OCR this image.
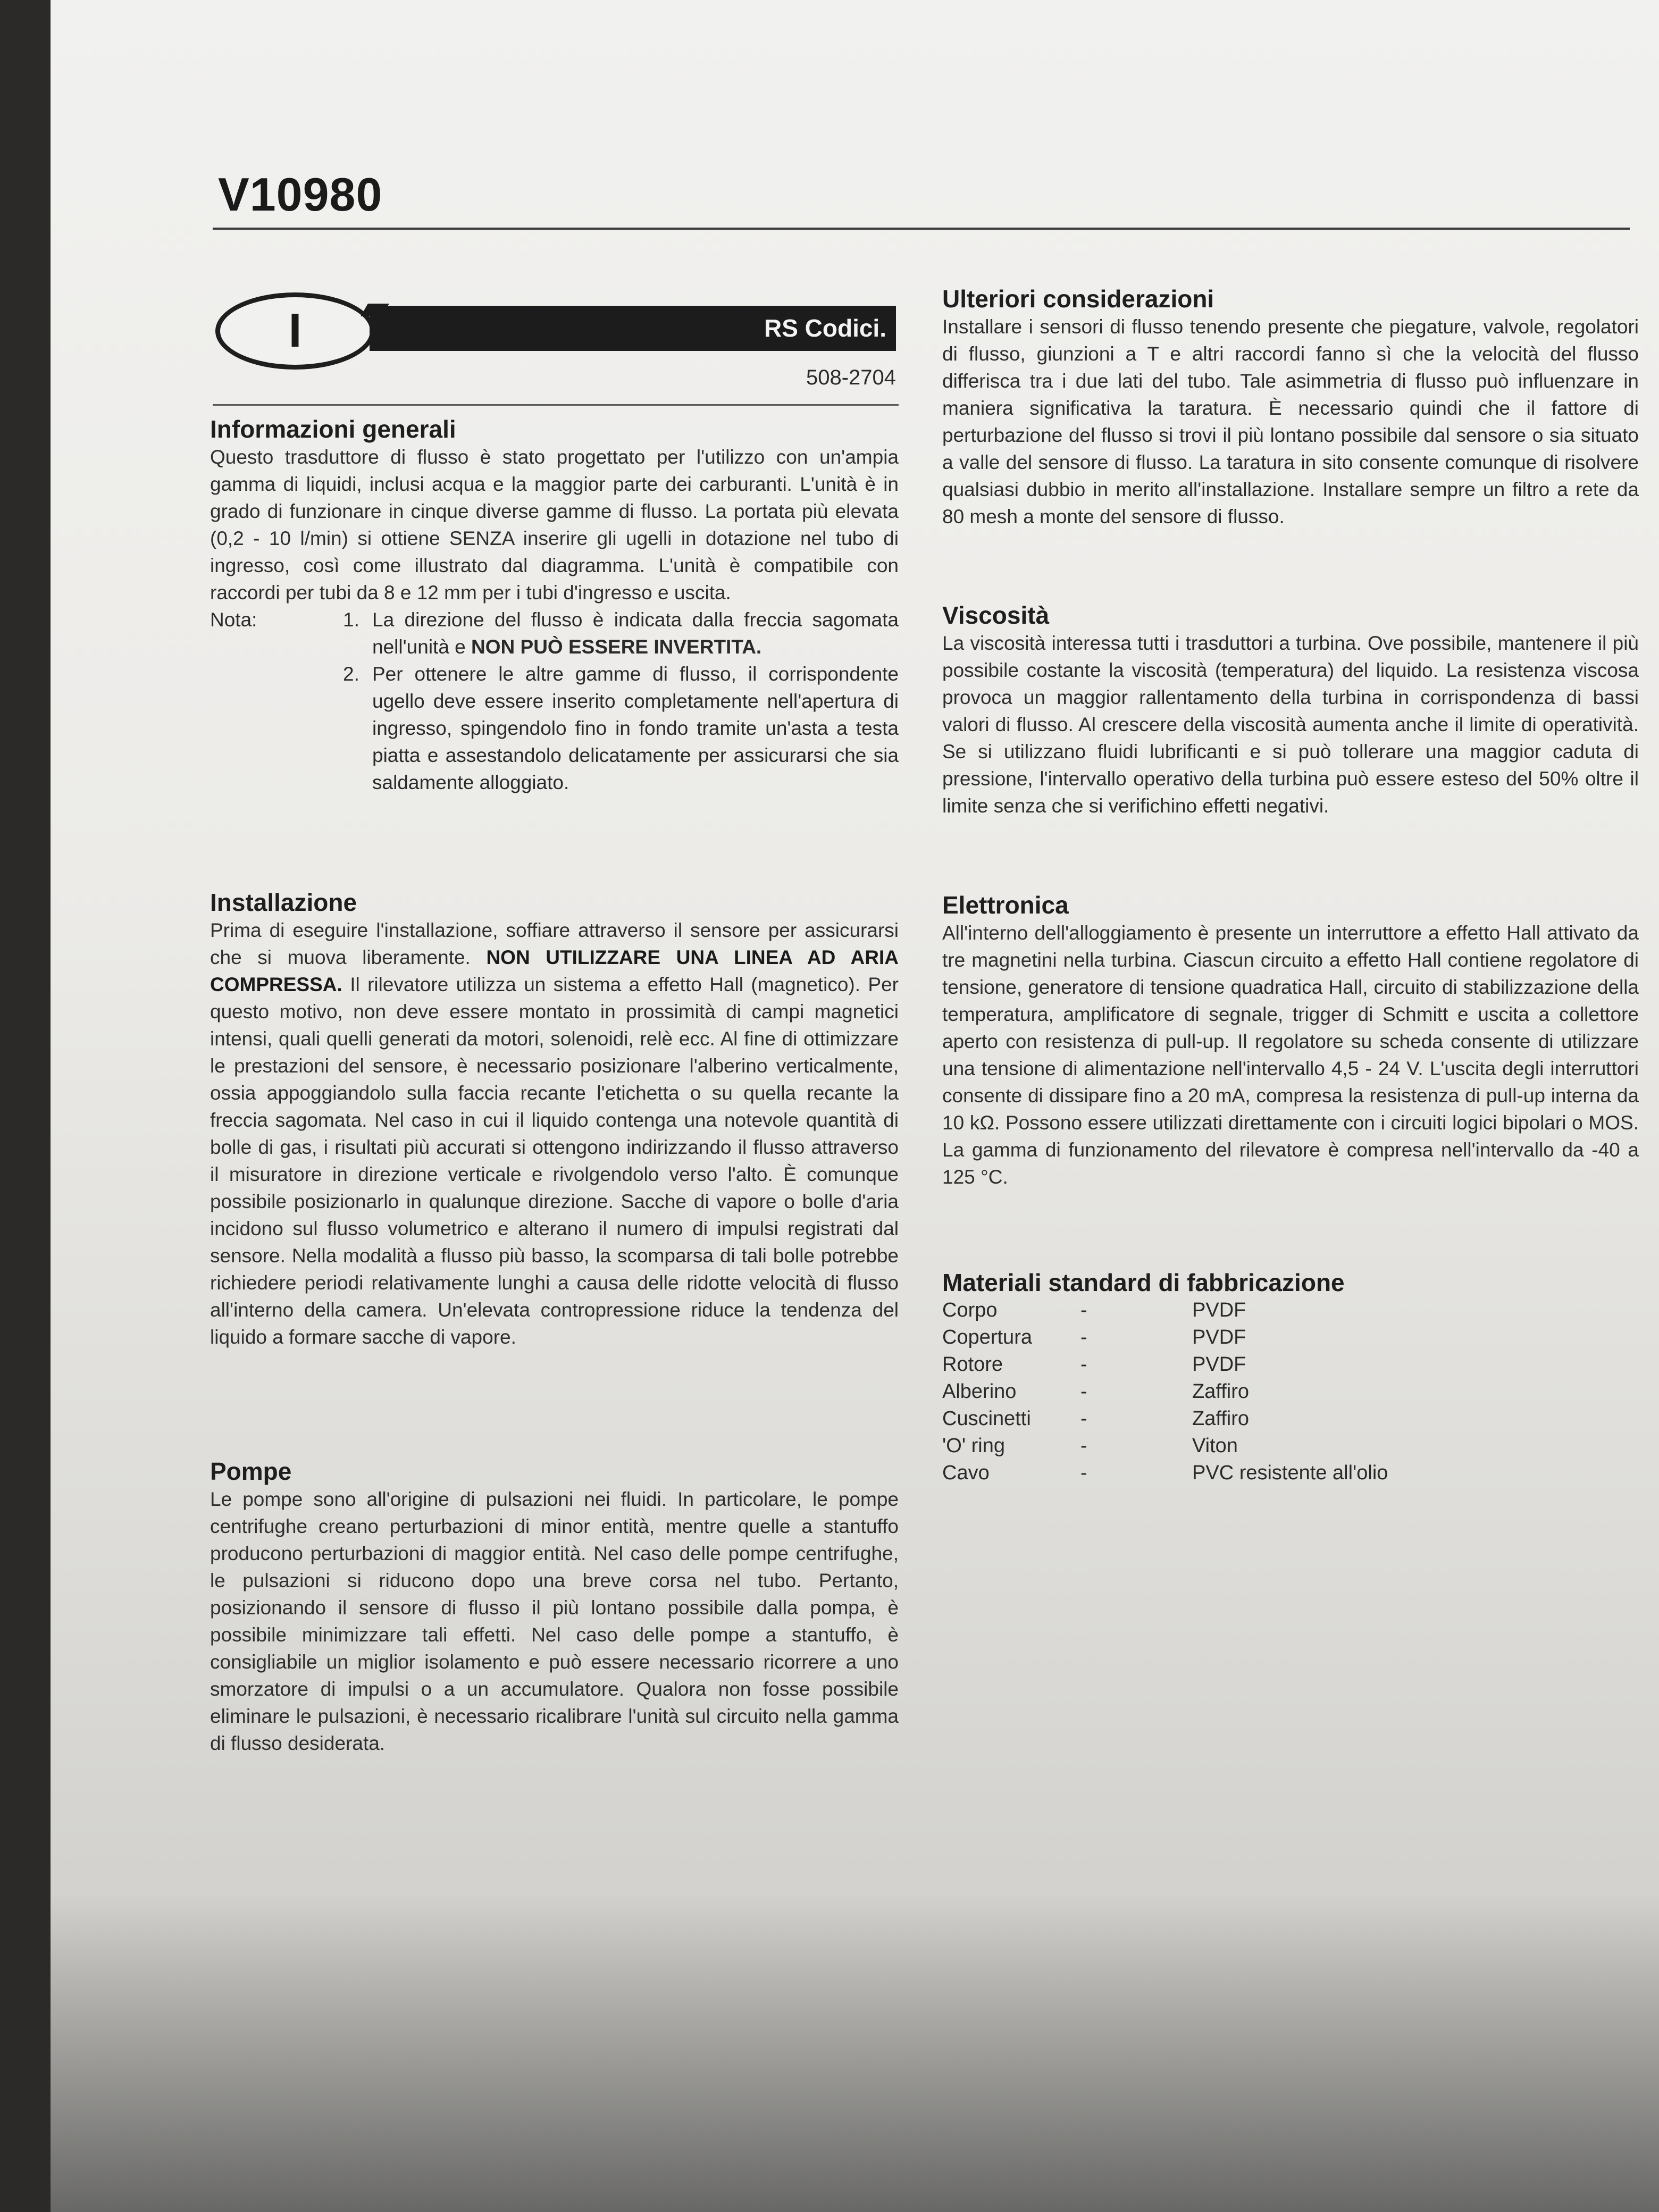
V10980
I	RS Codici.
508-2704
Informazioni generali
Questo trasduttore di flusso è stato progettato per l'utilizzo con un'ampia gamma di liquidi, inclusi acqua e la maggior parte dei carburanti. L'unità è in grado di funzionare in cinque diverse gamme di flusso. La portata più elevata (0,2 - 10 l/min) si ottiene SENZA inserire gli ugelli in dotazione nel tubo di ingresso, così come illustrato dal diagramma. L'unità è compatibile con raccordi per tubi da 8 e 12 mm per i tubi d'ingresso e uscita.
Nota:	1. La direzione del flusso è indicata dalla freccia sagomata nell'unità e NON PUÒ ESSERE INVERTITA.
2. Per ottenere le altre gamme di flusso, il corrispondente ugello deve essere inserito completamente nell'apertura di ingresso, spingendolo fino in fondo tramite un'asta a testa piatta e assestandolo delicatamente per assicurarsi che sia saldamente alloggiato.
Installazione
Prima di eseguire l'installazione, soffiare attraverso il sensore per assicurarsi che si muova liberamente. NON UTILIZZARE UNA LINEA AD ARIA COMPRESSA. Il rilevatore utilizza un sistema a effetto Hall (magnetico). Per questo motivo, non deve essere montato in prossimità di campi magnetici intensi, quali quelli generati da motori, solenoidi, relè ecc. Al fine di ottimizzare le prestazioni del sensore, è necessario posizionare l'alberino verticalmente, ossia appoggiandolo sulla faccia recante l'etichetta o su quella recante la freccia sagomata. Nel caso in cui il liquido contenga una notevole quantità di bolle di gas, i risultati più accurati si ottengono indirizzando il flusso attraverso il misuratore in direzione verticale e rivolgendolo verso l'alto. È comunque possibile posizionarlo in qualunque direzione. Sacche di vapore o bolle d'aria incidono sul flusso volumetrico e alterano il numero di impulsi registrati dal sensore. Nella modalità a flusso più basso, la scomparsa di tali bolle potrebbe richiedere periodi relativamente lunghi a causa delle ridotte velocità di flusso all'interno della camera. Un'elevata contropressione riduce la tendenza del liquido a formare sacche di vapore.
Pompe
Le pompe sono all'origine di pulsazioni nei fluidi. In particolare, le pompe centrifughe creano perturbazioni di minor entità, mentre quelle a stantuffo producono perturbazioni di maggior entità. Nel caso delle pompe centrifughe, le pulsazioni si riducono dopo una breve corsa nel tubo. Pertanto, posizionando il sensore di flusso il più lontano possibile dalla pompa, è possibile minimizzare tali effetti. Nel caso delle pompe a stantuffo, è consigliabile un miglior isolamento e può essere necessario ricorrere a uno smorzatore di impulsi o a un accumulatore. Qualora non fosse possibile eliminare le pulsazioni, è necessario ricalibrare l'unità sul circuito nella gamma di flusso desiderata.
Ulteriori considerazioni
Installare i sensori di flusso tenendo presente che piegature, valvole, regolatori di flusso, giunzioni a T e altri raccordi fanno sì che la velocità del flusso differisca tra i due lati del tubo. Tale asimmetria di flusso può influenzare in maniera significativa la taratura. È necessario quindi che il fattore di perturbazione del flusso si trovi il più lontano possibile dal sensore o sia situato a valle del sensore di flusso. La taratura in sito consente comunque di risolvere qualsiasi dubbio in merito all'installazione. Installare sempre un filtro a rete da 80 mesh a monte del sensore di flusso.
Viscosità
La viscosità interessa tutti i trasduttori a turbina. Ove possibile, mantenere il più possibile costante la viscosità (temperatura) del liquido. La resistenza viscosa provoca un maggior rallentamento della turbina in corrispondenza di bassi valori di flusso. Al crescere della viscosità aumenta anche il limite di operatività. Se si utilizzano fluidi lubrificanti e si può tollerare una maggior caduta di pressione, l'intervallo operativo della turbina può essere esteso del 50% oltre il limite senza che si verifichino effetti negativi.
Elettronica
All'interno dell'alloggiamento è presente un interruttore a effetto Hall attivato da tre magnetini nella turbina. Ciascun circuito a effetto Hall contiene regolatore di tensione, generatore di tensione quadratica Hall, circuito di stabilizzazione della temperatura, amplificatore di segnale, trigger di Schmitt e uscita a collettore aperto con resistenza di pull-up. Il regolatore su scheda consente di utilizzare una tensione di alimentazione nell'intervallo 4,5 - 24 V. L'uscita degli interruttori consente di dissipare fino a 20 mA, compresa la resistenza di pull-up interna da 10 kΩ. Possono essere utilizzati direttamente con i circuiti logici bipolari o MOS. La gamma di funzionamento del rilevatore è compresa nell'intervallo da -40 a 125 °C.
Materiali standard di fabbricazione
Corpo	-	PVDF
Copertura	-	PVDF
Rotore	-	PVDF
Alberino	-	Zaffiro
Cuscinetti	-	Zaffiro
'O' ring	-	Viton
Cavo	-	PVC resistente all'olio
